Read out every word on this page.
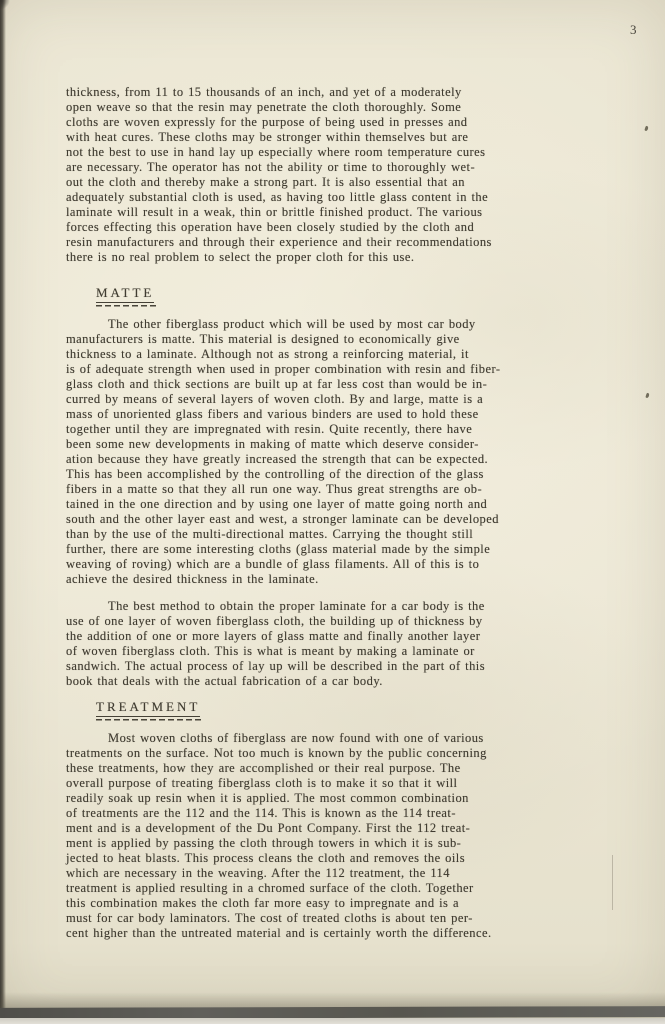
3
thickness, from 11 to 15 thousands of an inch, and yet of a moderately
open weave so that the resin may penetrate the cloth thoroughly. Some
cloths are woven expressly for the purpose of being used in presses and
with heat cures. These cloths may be stronger within themselves but are
not the best to use in hand lay up especially where room temperature cures
are necessary. The operator has not the ability or time to thoroughly wet-
out the cloth and thereby make a strong part. It is also essential that an
adequately substantial cloth is used, as having too little glass content in the
laminate will result in a weak, thin or brittle finished product. The various
forces effecting this operation have been closely studied by the cloth and
resin manufacturers and through their experience and their recommendations
there is no real problem to select the proper cloth for this use.
MATTE
The other fiberglass product which will be used by most car body
manufacturers is matte. This material is designed to economically give
thickness to a laminate. Although not as strong a reinforcing material, it
is of adequate strength when used in proper combination with resin and fiber-
glass cloth and thick sections are built up at far less cost than would be in-
curred by means of several layers of woven cloth. By and large, matte is a
mass of unoriented glass fibers and various binders are used to hold these
together until they are impregnated with resin. Quite recently, there have
been some new developments in making of matte which deserve consider-
ation because they have greatly increased the strength that can be expected.
This has been accomplished by the controlling of the direction of the glass
fibers in a matte so that they all run one way. Thus great strengths are ob-
tained in the one direction and by using one layer of matte going north and
south and the other layer east and west, a stronger laminate can be developed
than by the use of the multi-directional mattes. Carrying the thought still
further, there are some interesting cloths (glass material made by the simple
weaving of roving) which are a bundle of glass filaments. All of this is to
achieve the desired thickness in the laminate.
The best method to obtain the proper laminate for a car body is the
use of one layer of woven fiberglass cloth, the building up of thickness by
the addition of one or more layers of glass matte and finally another layer
of woven fiberglass cloth. This is what is meant by making a laminate or
sandwich. The actual process of lay up will be described in the part of this
book that deals with the actual fabrication of a car body.
TREATMENT
Most woven cloths of fiberglass are now found with one of various
treatments on the surface. Not too much is known by the public concerning
these treatments, how they are accomplished or their real purpose. The
overall purpose of treating fiberglass cloth is to make it so that it will
readily soak up resin when it is applied. The most common combination
of treatments are the 112 and the 114. This is known as the 114 treat-
ment and is a development of the Du Pont Company. First the 112 treat-
ment is applied by passing the cloth through towers in which it is sub-
jected to heat blasts. This process cleans the cloth and removes the oils
which are necessary in the weaving. After the 112 treatment, the 114
treatment is applied resulting in a chromed surface of the cloth. Together
this combination makes the cloth far more easy to impregnate and is a
must for car body laminators. The cost of treated cloths is about ten per-
cent higher than the untreated material and is certainly worth the difference.
